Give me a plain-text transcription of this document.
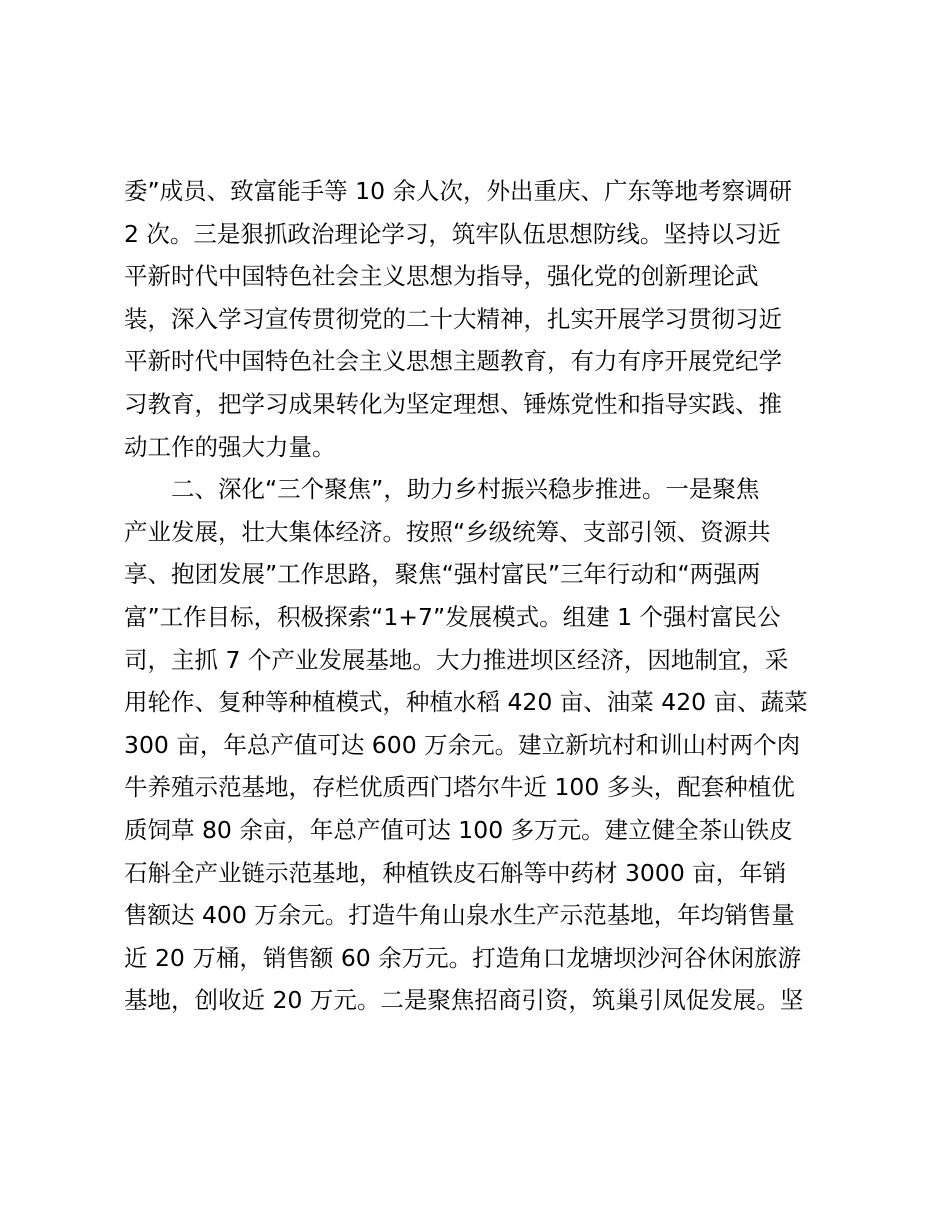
委”成员、致富能手等 10 余人次，外出重庆、广东等地考察调研
2 次。三是狠抓政治理论学习，筑牢队伍思想防线。坚持以习近
平新时代中国特色社会主义思想为指导，强化党的创新理论武
装，深入学习宣传贯彻党的二十大精神，扎实开展学习贯彻习近
平新时代中国特色社会主义思想主题教育，有力有序开展党纪学
习教育，把学习成果转化为坚定理想、锤炼党性和指导实践、推
动工作的强大力量。
二、深化“三个聚焦”，助力乡村振兴稳步推进。一是聚焦
产业发展，壮大集体经济。按照“乡级统筹、支部引领、资源共
享、抱团发展”工作思路，聚焦“强村富民”三年行动和“两强两
富”工作目标，积极探索“1+7”发展模式。组建 1 个强村富民公
司，主抓 7 个产业发展基地。大力推进坝区经济，因地制宜，采
用轮作、复种等种植模式，种植水稻 420 亩、油菜 420 亩、蔬菜
300 亩，年总产值可达 600 万余元。建立新坑村和训山村两个肉
牛养殖示范基地，存栏优质西门塔尔牛近 100 多头，配套种植优
质饲草 80 余亩，年总产值可达 100 多万元。建立健全茶山铁皮
石斛全产业链示范基地，种植铁皮石斛等中药材 3000 亩，年销
售额达 400 万余元。打造牛角山泉水生产示范基地，年均销售量
近 20 万桶，销售额 60 余万元。打造角口龙塘坝沙河谷休闲旅游
基地，创收近 20 万元。二是聚焦招商引资，筑巢引凤促发展。坚
